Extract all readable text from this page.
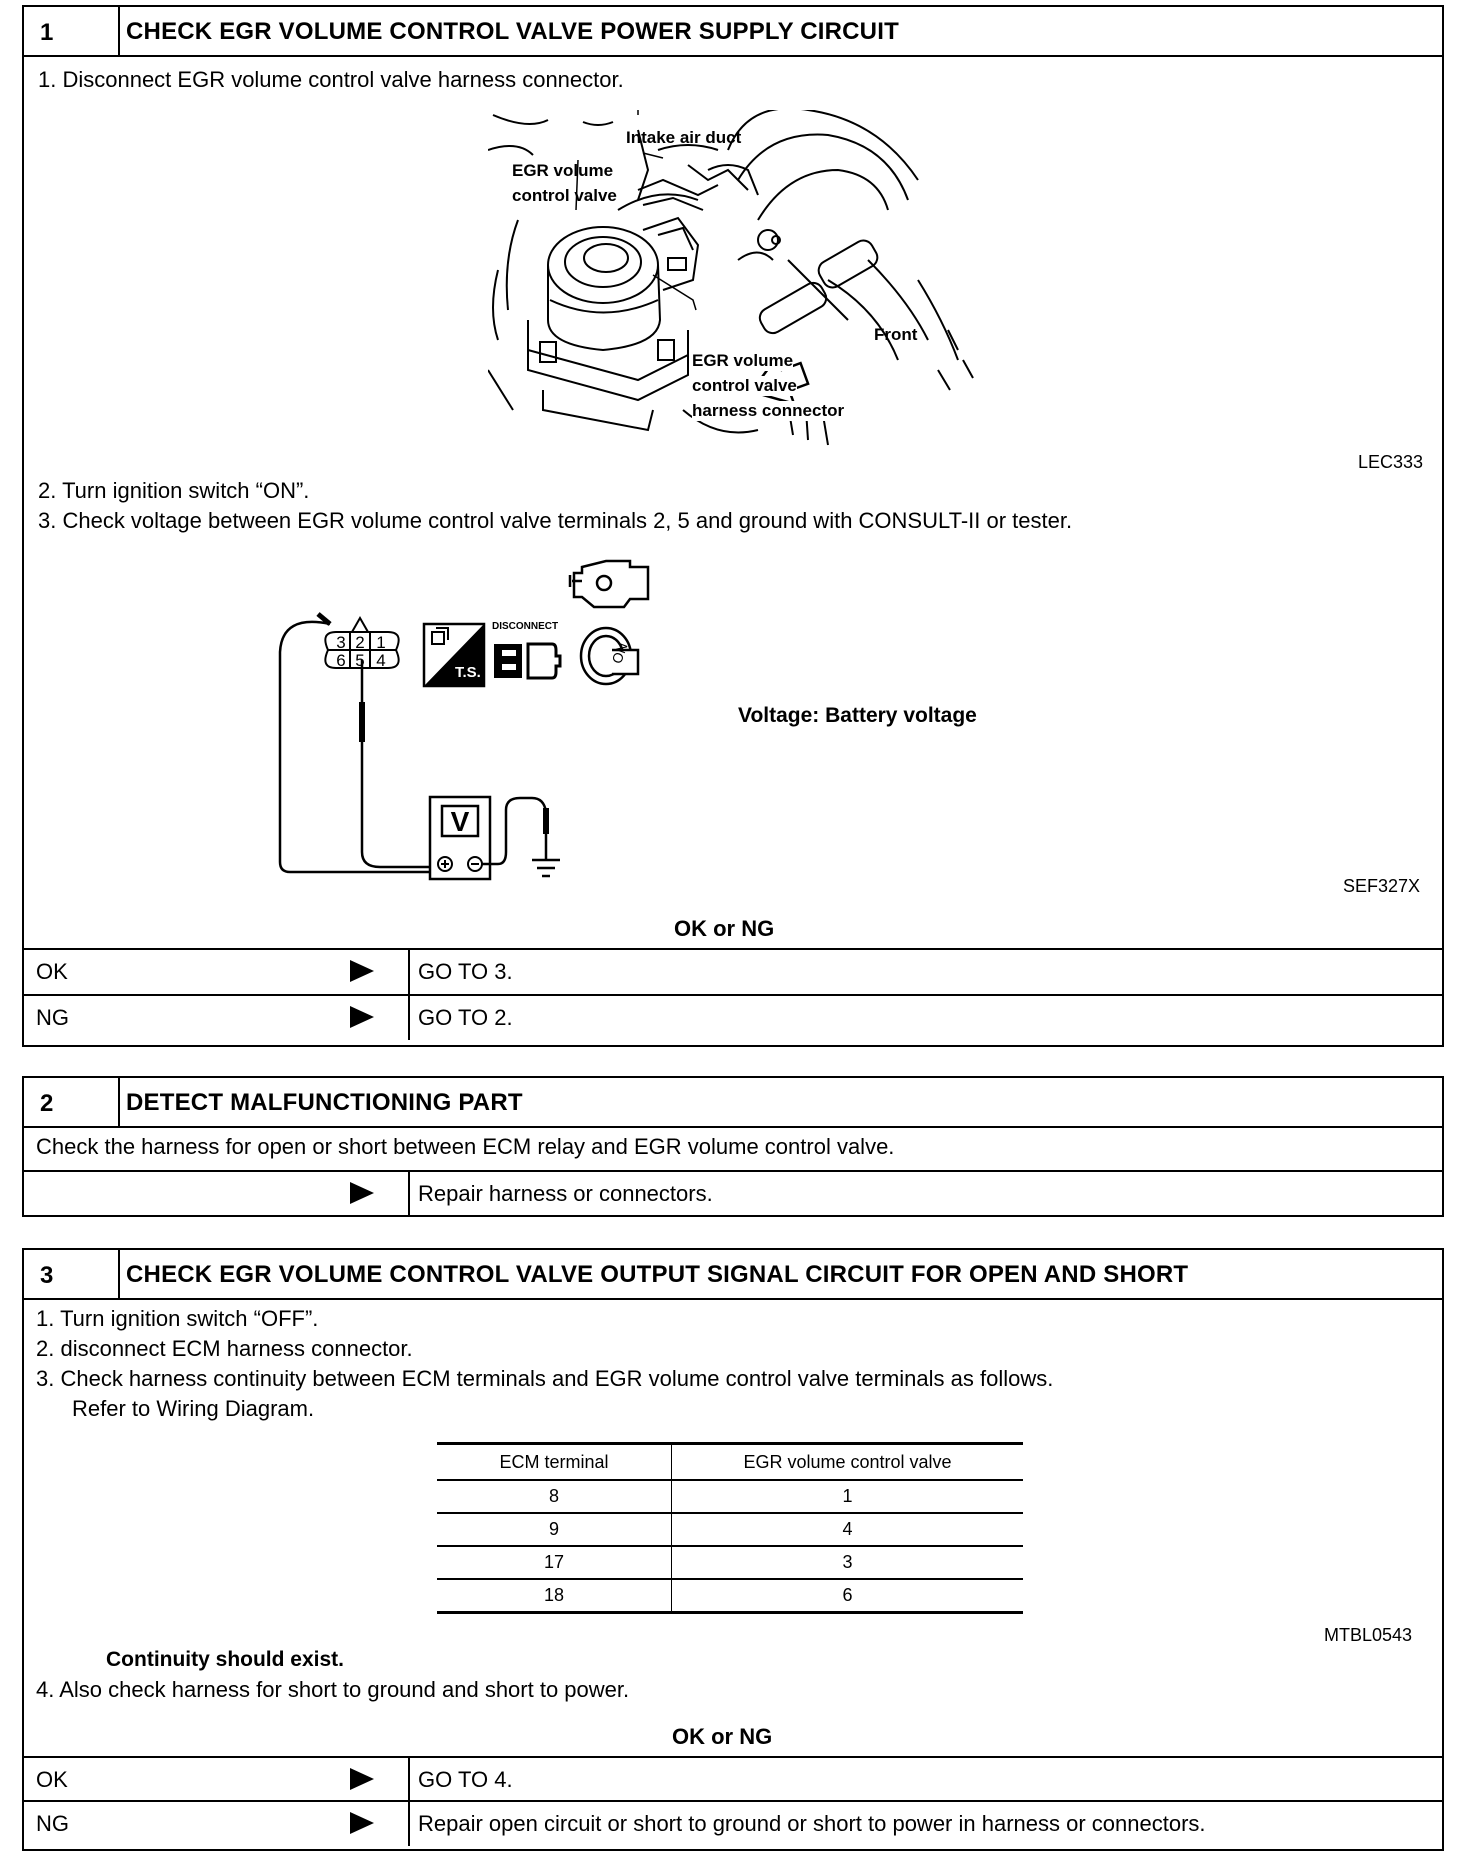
1	CHECK EGR VOLUME CONTROL VALVE POWER SUPPLY CIRCUIT
1. Disconnect EGR volume control valve harness connector.
Intake air duct
EGR volume
control valve
Front
EGR volume
control valve
harness connector
LEC333
2. Turn ignition switch “ON”.
3. Check voltage between EGR volume control valve terminals 2, 5 and ground with CONSULT-II or tester.
V
3 2 1
6 5 4
T.S.
DISCONNECT
ON
Voltage: Battery voltage
SEF327X
OK or NG
OK	GO TO 3.
NG	GO TO 2.
2	DETECT MALFUNCTIONING PART
Check the harness for open or short between ECM relay and EGR volume control valve.
Repair harness or connectors.
3	CHECK EGR VOLUME CONTROL VALVE OUTPUT SIGNAL CIRCUIT FOR OPEN AND SHORT
1. Turn ignition switch “OFF”.
2. disconnect ECM harness connector.
3. Check harness continuity between ECM terminals and EGR volume control valve terminals as follows.
Refer to Wiring Diagram.
ECM terminal	EGR volume control valve
8	1
9	4
17	3
18	6
MTBL0543
Continuity should exist.
4. Also check harness for short to ground and short to power.
OK or NG
OK	GO TO 4.
NG	Repair open circuit or short to ground or short to power in harness or connectors.
